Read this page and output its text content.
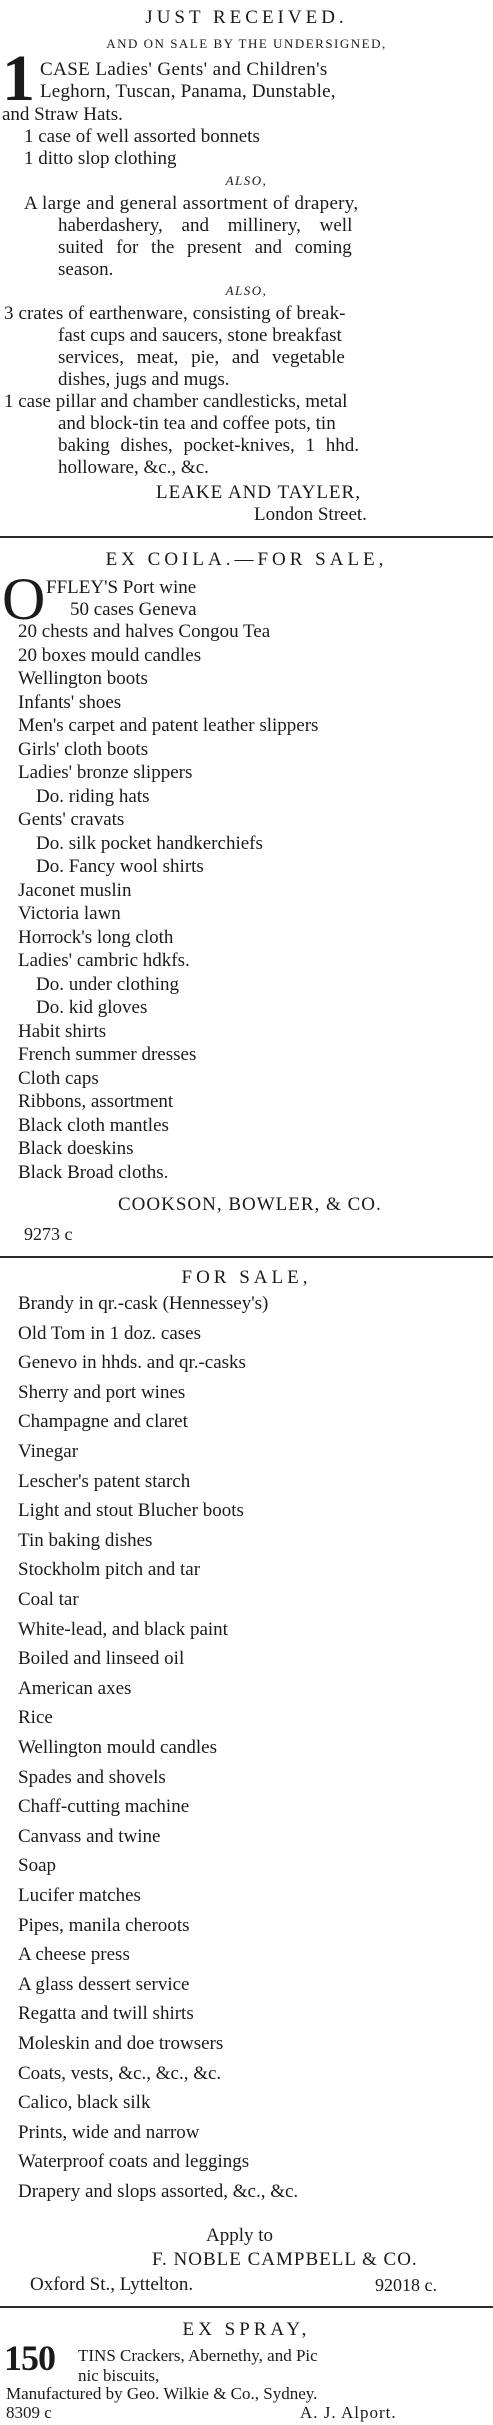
JUST RECEIVED.
AND ON SALE BY THE UNDERSIGNED,
1 CASE Ladies' Gents' and Children's
Leghorn, Tuscan, Panama, Dunstable,
and Straw Hats.
1 case of well assorted bonnets
1 ditto slop clothing
ALSO,
A large and general assortment of drapery,
haberdashery, and millinery, well
suited for the present and coming
season.
ALSO,
3 crates of earthenware, consisting of break-
fast cups and saucers, stone breakfast
services, meat, pie, and vegetable
dishes, jugs and mugs.
1 case pillar and chamber candlesticks, metal
and block-tin tea and coffee pots, tin
baking dishes, pocket-knives, 1 hhd.
holloware, &c., &c.
LEAKE AND TAYLER,
London Street.
EX COILA.—FOR SALE,
O FFLEY'S Port wine
50 cases Geneva
20 chests and halves Congou Tea
20 boxes mould candles
Wellington boots
Infants' shoes
Men's carpet and patent leather slippers
Girls' cloth boots
Ladies' bronze slippers
Do. riding hats
Gents' cravats
Do. silk pocket handkerchiefs
Do. Fancy wool shirts
Jaconet muslin
Victoria lawn
Horrock's long cloth
Ladies' cambric hdkfs.
Do. under clothing
Do. kid gloves
Habit shirts
French summer dresses
Cloth caps
Ribbons, assortment
Black cloth mantles
Black doeskins
Black Broad cloths.
COOKSON, BOWLER, & CO.
9273 c
FOR SALE,
Brandy in qr.-cask (Hennessey's)
Old Tom in 1 doz. cases
Genevo in hhds. and qr.-casks
Sherry and port wines
Champagne and claret
Vinegar
Lescher's patent starch
Light and stout Blucher boots
Tin baking dishes
Stockholm pitch and tar
Coal tar
White-lead, and black paint
Boiled and linseed oil
American axes
Rice
Wellington mould candles
Spades and shovels
Chaff-cutting machine
Canvass and twine
Soap
Lucifer matches
Pipes, manila cheroots
A cheese press
A glass dessert service
Regatta and twill shirts
Moleskin and doe trowsers
Coats, vests, &c., &c., &c.
Calico, black silk
Prints, wide and narrow
Waterproof coats and leggings
Drapery and slops assorted, &c., &c.
Apply to
F. NOBLE CAMPBELL & CO.
Oxford St., Lyttelton.	92018 c.
EX SPRAY,
150 TINS Crackers, Abernethy, and Pic
nic biscuits,
Manufactured by Geo. Wilkie & Co., Sydney.
8309 c	A. J. Alport.
